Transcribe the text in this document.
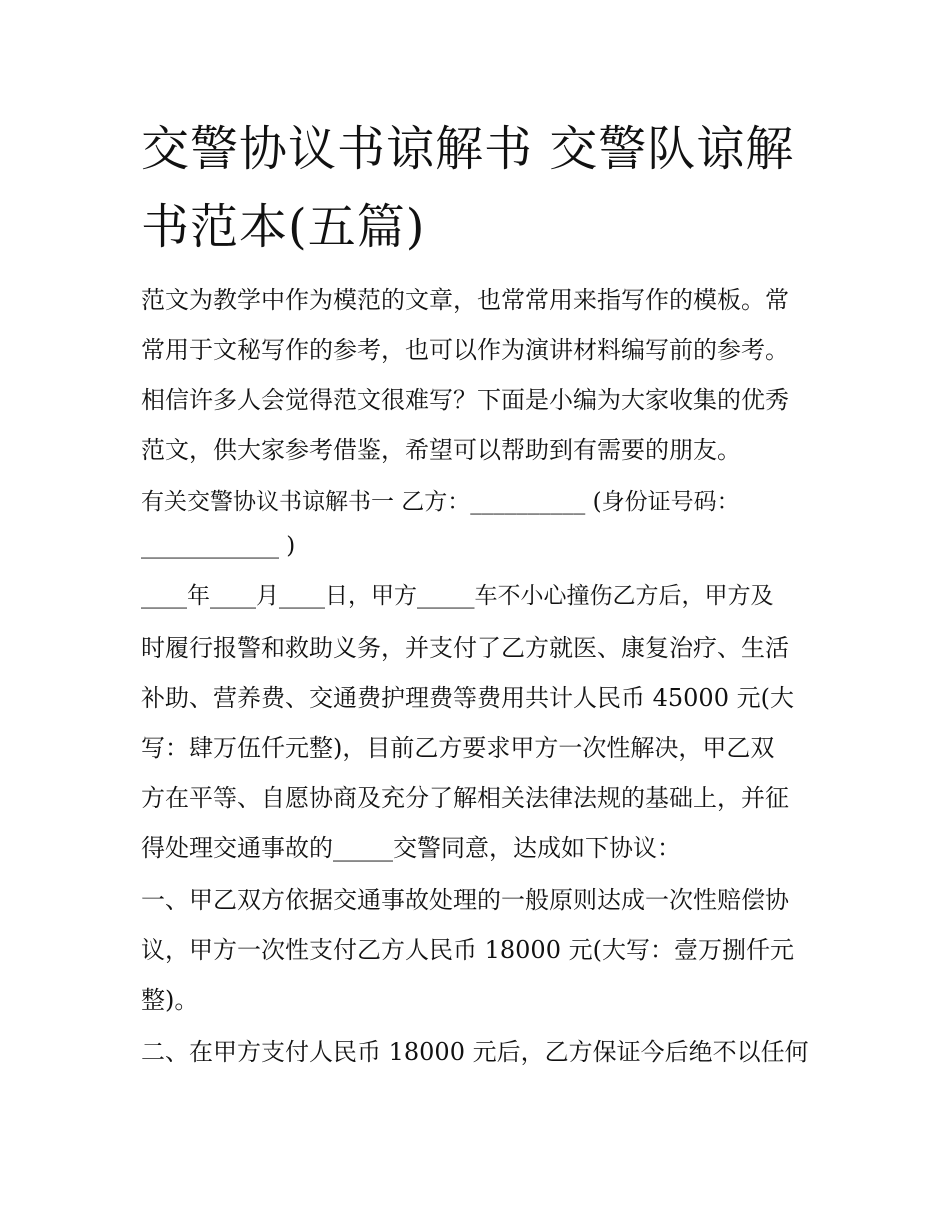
交警协议书谅解书 交警队谅解
书范本(五篇)

范文为教学中作为模范的文章，也常常用来指写作的模板。常

常用于文秘写作的参考，也可以作为演讲材料编写前的参考。

相信许多人会觉得范文很难写？下面是小编为大家收集的优秀

范文，供大家参考借鉴，希望可以帮助到有需要的朋友。

有关交警协议书谅解书一 乙方：__________ (身份证号码：

____________ )

____年____月____日，甲方_____车不小心撞伤乙方后，甲方及

时履行报警和救助义务，并支付了乙方就医、康复治疗、生活

补助、营养费、交通费护理费等费用共计人民币 45000 元(大

写：肆万伍仟元整)，目前乙方要求甲方一次性解决，甲乙双

方在平等、自愿协商及充分了解相关法律法规的基础上，并征

得处理交通事故的_____交警同意，达成如下协议：

一、甲乙双方依据交通事故处理的一般原则达成一次性赔偿协

议，甲方一次性支付乙方人民币 18000 元(大写：壹万捌仟元

整)。

二、在甲方支付人民币 18000 元后，乙方保证今后绝不以任何
